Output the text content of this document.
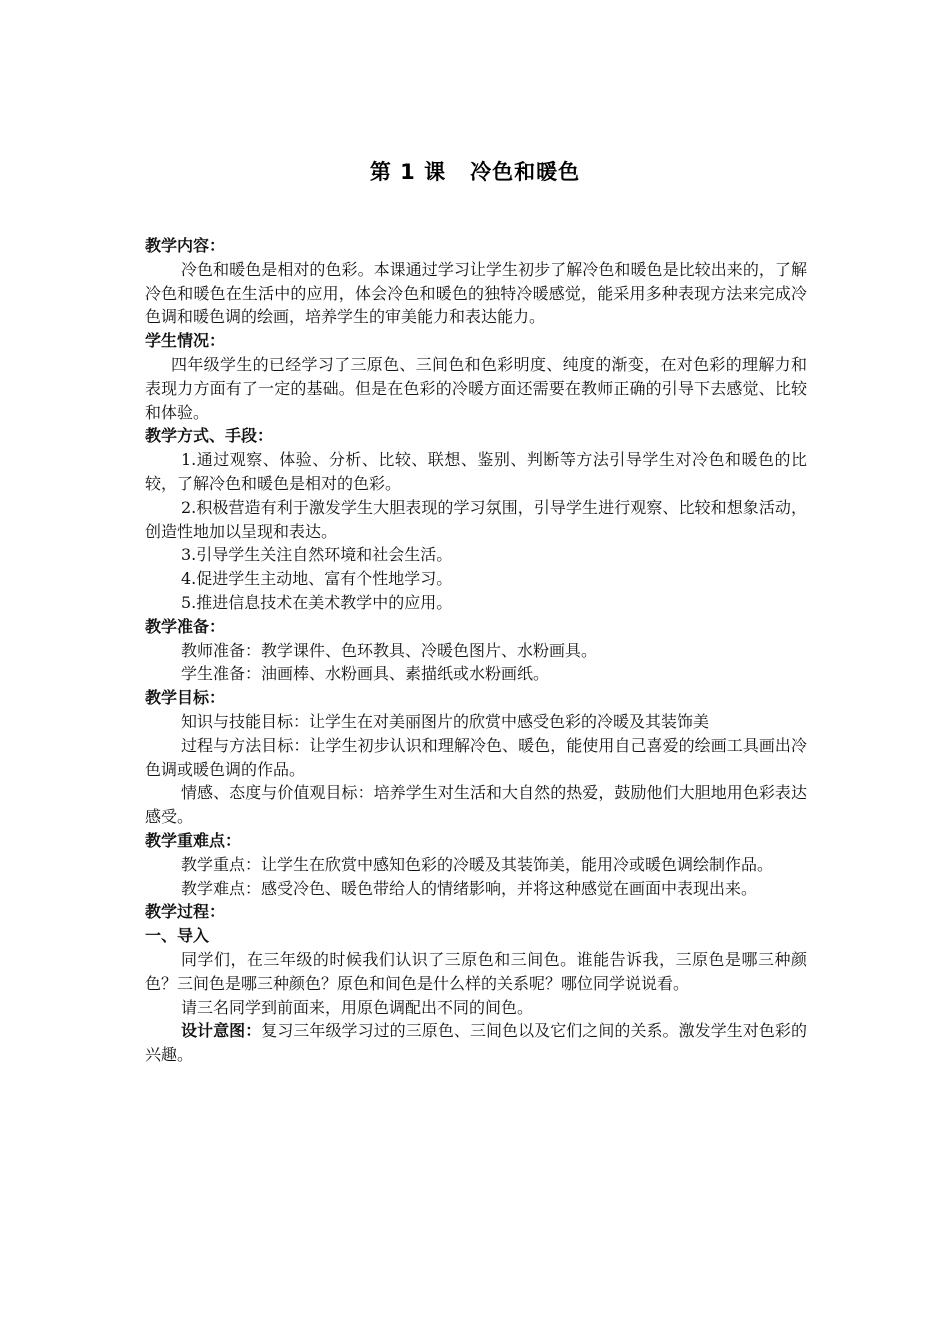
第 1 课 冷色和暖色
教学内容：

冷色和暖色是相对的色彩。本课通过学习让学生初步了解冷色和暖色是比较出来的，了解冷色和暖色在生活中的应用，体会冷色和暖色的独特冷暖感觉，能采用多种表现方法来完成冷色调和暖色调的绘画，培养学生的审美能力和表达能力。

学生情况：

四年级学生的已经学习了三原色、三间色和色彩明度、纯度的渐变，在对色彩的理解力和表现力方面有了一定的基础。但是在色彩的冷暖方面还需要在教师正确的引导下去感觉、比较和体验。

教学方式、手段：

1.通过观察、体验、分析、比较、联想、鉴别、判断等方法引导学生对冷色和暖色的比较，了解冷色和暖色是相对的色彩。

2.积极营造有利于激发学生大胆表现的学习氛围，引导学生进行观察、比较和想象活动，创造性地加以呈现和表达。

3.引导学生关注自然环境和社会生活。

4.促进学生主动地、富有个性地学习。

5.推进信息技术在美术教学中的应用。

教学准备：

教师准备：教学课件、色环教具、冷暖色图片、水粉画具。

学生准备：油画棒、水粉画具、素描纸或水粉画纸。

教学目标：

知识与技能目标：让学生在对美丽图片的欣赏中感受色彩的冷暖及其装饰美

过程与方法目标：让学生初步认识和理解冷色、暖色，能使用自己喜爱的绘画工具画出冷色调或暖色调的作品。

情感、态度与价值观目标：培养学生对生活和大自然的热爱，鼓励他们大胆地用色彩表达感受。

教学重难点：

教学重点：让学生在欣赏中感知色彩的冷暖及其装饰美，能用冷或暖色调绘制作品。

教学难点：感受冷色、暖色带给人的情绪影响，并将这种感觉在画面中表现出来。

教学过程：
一、导入

同学们，在三年级的时候我们认识了三原色和三间色。谁能告诉我，三原色是哪三种颜色？三间色是哪三种颜色？原色和间色是什么样的关系呢？哪位同学说说看。

请三名同学到前面来，用原色调配出不同的间色。

设计意图：复习三年级学习过的三原色、三间色以及它们之间的关系。激发学生对色彩的兴趣。
